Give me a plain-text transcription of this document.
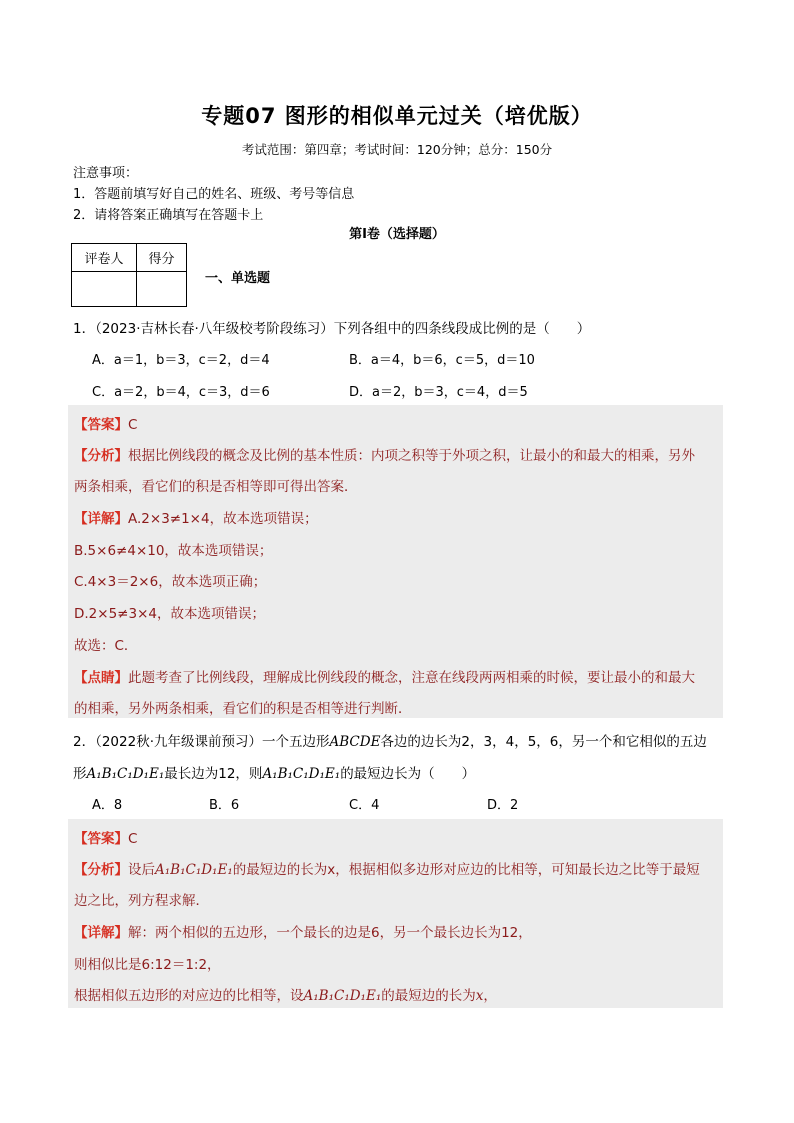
专题07 图形的相似单元过关（培优版）
考试范围：第四章；考试时间：120分钟；总分：150分
注意事项：
1．答题前填写好自己的姓名、班级、考号等信息
2．请将答案正确填写在答题卡上
第I卷（选择题）
评卷人	得分

一、单选题
1．（2023·吉林长春·八年级校考阶段练习）下列各组中的四条线段成比例的是（　　）
A．a＝1，b＝3，c＝2，d＝4	B．a＝4，b＝6，c＝5，d＝10
C．a＝2，b＝4，c＝3，d＝6	D．a＝2，b＝3，c＝4，d＝5
【答案】C
【分析】根据比例线段的概念及比例的基本性质：内项之积等于外项之积，让最小的和最大的相乘，另外
两条相乘，看它们的积是否相等即可得出答案．
【详解】A.2×3≠1×4，故本选项错误；
B.5×6≠4×10，故本选项错误；
C.4×3＝2×6，故本选项正确；
D.2×5≠3×4，故本选项错误；
故选：C．
【点睛】此题考查了比例线段，理解成比例线段的概念，注意在线段两两相乘的时候，要让最小的和最大
的相乘，另外两条相乘，看它们的积是否相等进行判断．
2．（2022秋·九年级课前预习）一个五边形ABCDE各边的边长为2，3，4，5，6，另一个和它相似的五边
形A₁B₁C₁D₁E₁最长边为12，则A₁B₁C₁D₁E₁的最短边长为（　　）
A．8	B．6	C．4	D．2
【答案】C
【分析】设后A₁B₁C₁D₁E₁的最短边的长为x，根据相似多边形对应边的比相等，可知最长边之比等于最短
边之比，列方程求解．
【详解】解：两个相似的五边形，一个最长的边是6，另一个最长边长为12，
则相似比是6:12＝1:2，
根据相似五边形的对应边的比相等，设A₁B₁C₁D₁E₁的最短边的长为x，
